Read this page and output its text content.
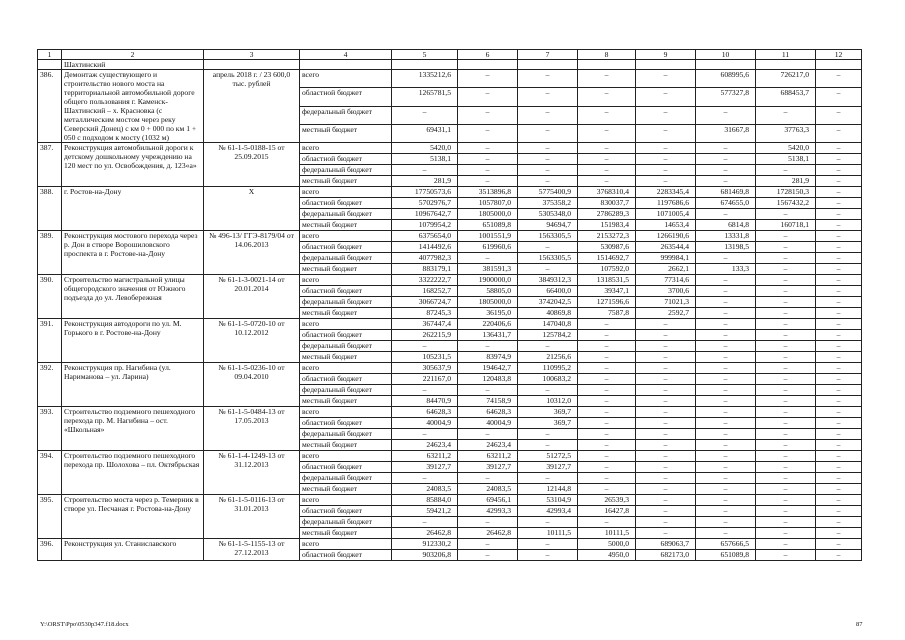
1	2	3	4	5	6	7	8	9	10	11	12
	Шахтинский										
386.	Демонтаж существующего и строительство нового моста на территориальной автомобильной дороге общего пользования г. Каменск-Шахтинский – х. Красновка (с металлическим мостом через реку Северский Донец) с км 0 + 000 по км 1 + 050 с подходом к мосту (1032 м)	апрель 2018 г. / 23 600,0 тыс. рублей	всего	1335212,6	–	–	–	–	608995,6	726217,0	–
			областной бюджет	1265781,5	–	–	–	–	577327,8	688453,7	–
			федеральный бюджет	–	–	–	–	–	–	–	–
			местный бюджет	69431,1	–	–	–	–	31667,8	37763,3	–
387.	Реконструкция автомобильной дороги к детскому дошкольному учреждению на 120 мест по ул. Освобождения, д. 123«а»	№ 61-1-5-0188-15 от 25.09.2015	всего	5420,0	–	–	–	–	–	5420,0	–
			областной бюджет	5138,1	–	–	–	–	–	5138,1	–
			федеральный бюджет	–	–	–	–	–	–	–	–
			местный бюджет	281,9	–	–	–	–	–	281,9	–
388.	г. Ростов-на-Дону	X	всего	17750573,6	3513896,8	5775400,9	3768310,4	2283345,4	681469,8	1728150,3	–
			областной бюджет	5702976,7	1057807,0	375358,2	830037,7	1197686,6	674655,0	1567432,2	–
			федеральный бюджет	10967642,7	1805000,0	5305348,0	2786289,3	1071005,4	–	–	–
			местный бюджет	1079954,2	651089,8	94694,7	151983,4	14653,4	6814,8	160718,1	–
389.	Реконструкция мостового перехода через р. Дон в створе Ворошиловского проспекта в г. Ростове-на-Дону	№ 496-13/ ГГЭ-8179/04 от 14.06.2013	всего	6375654,0	1001551,9	1563305,5	2153272,3	1266190,6	13331,8	–	–
			областной бюджет	1414492,6	619960,6	–	530987,6	263544,4	13198,5	–	–
			федеральный бюджет	4077982,3	–	1563305,5	1514692,7	999984,1	–	–	–
			местный бюджет	883179,1	381591,3	–	107592,0	2662,1	133,3	–	–
390.	Строительство магистральной улицы общегородского значения от Южного подъезда до ул. Левобережная	№ 61-1-3-0021-14 от 20.01.2014	всего	3322222,7	1900000,0	3849312,3	1318531,5	77314,6	–	–	–
			областной бюджет	168252,7	58805,0	66400,0	39347,1	3700,6	–	–	–
			федеральный бюджет	3066724,7	1805000,0	3742042,5	1271596,6	71021,3	–	–	–
			местный бюджет	87245,3	36195,0	40869,8	7587,8	2592,7	–	–	–
391.	Реконструкция автодороги по ул. М. Горького в г. Ростове-на-Дону	№ 61-1-5-0720-10 от 10.12.2012	всего	367447,4	220406,6	147040,8	–	–	–	–	–
			областной бюджет	262215,9	136431,7	125784,2	–	–	–	–	–
			федеральный бюджет	–	–	–	–	–	–	–	–
			местный бюджет	105231,5	83974,9	21256,6	–	–	–	–	–
392.	Реконструкция пр. Нагибина (ул. Нариманова – ул. Ларина)	№ 61-1-5-0236-10 от 09.04.2010	всего	305637,9	194642,7	110995,2	–	–	–	–	–
			областной бюджет	221167,0	120483,8	100683,2	–	–	–	–	–
			федеральный бюджет	–	–	–	–	–	–	–	–
			местный бюджет	84470,9	74158,9	10312,0	–	–	–	–	–
393.	Строительство подземного пешеходного перехода пр. М. Нагибина – ост. «Школьная»	№ 61-1-5-0484-13 от 17.05.2013	всего	64628,3	64628,3	369,7	–	–	–	–	–
			областной бюджет	40004,9	40004,9	369,7	–	–	–	–	–
			федеральный бюджет	–	–	–	–	–	–	–	–
			местный бюджет	24623,4	24623,4	–	–	–	–	–	–
394.	Строительство подземного пешеходного перехода пр. Шолохова – пл. Октябрьская	№ 61-1-4-1249-13 от 31.12.2013	всего	63211,2	63211,2	51272,5	–	–	–	–	–
			областной бюджет	39127,7	39127,7	39127,7	–	–	–	–	–
			федеральный бюджет	–	–	–	–	–	–	–	–
			местный бюджет	24083,5	24083,5	12144,8	–	–	–	–	–
395.	Строительство моста через р. Темерник в створе ул. Песчаная г. Ростова-на-Дону	№ 61-1-5-0116-13 от 31.01.2013	всего	85884,0	69456,1	53104,9	26539,3	–	–	–	–
			областной бюджет	59421,2	42993,3	42993,4	16427,8	–	–	–	–
			федеральный бюджет	–	–	–	–	–	–	–	–
			местный бюджет	26462,8	26462,8	10111,5	10111,5	–	–	–	–
396.	Реконструкция ул. Станиславского	№ 61-1-5-1155-13 от 27.12.2013	всего	912330,2	–	–	5000,0	689063,7	657666,5	–	–
			областной бюджет	903206,8	–	–	4950,0	682173,0	651089,8	–	–
Y:\ORST\Ppo\0530p347.f18.docx	87
